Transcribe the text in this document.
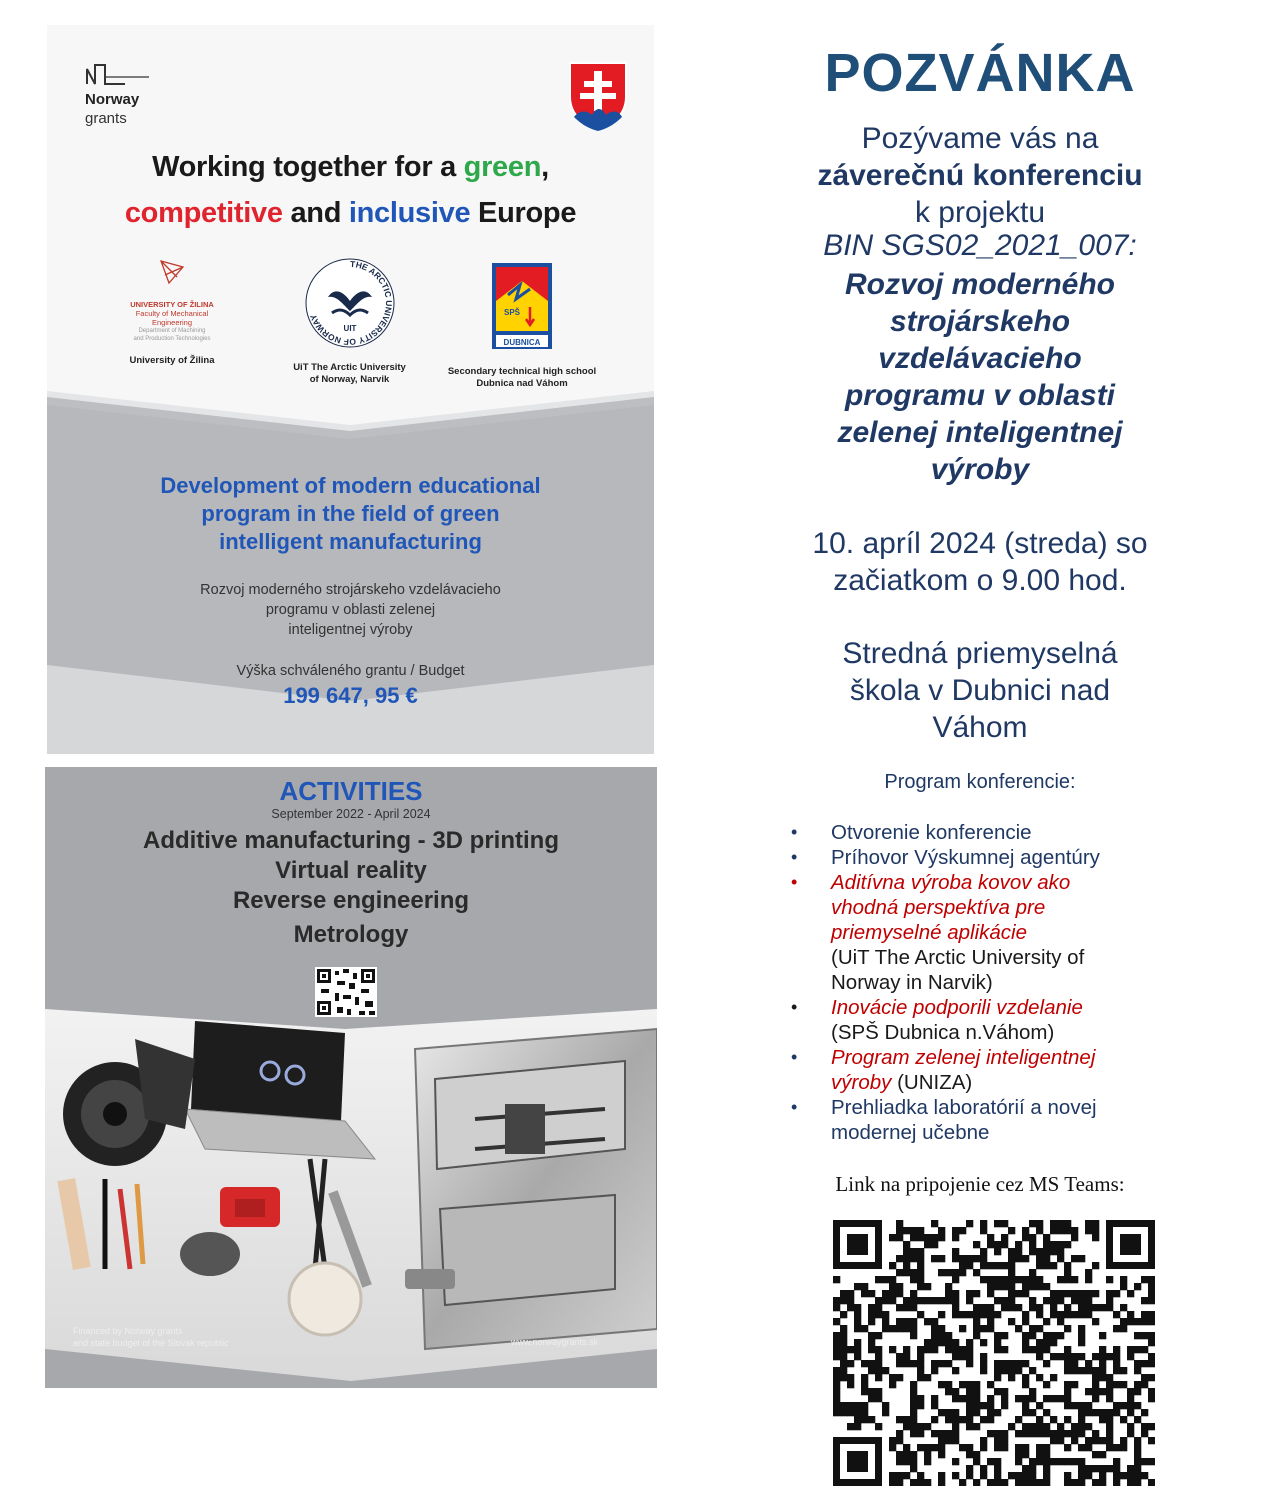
Norway
grants
Working together for a green,
competitive and inclusive Europe
UNIVERSITY OF ŽILINA
Faculty of Mechanical
Engineering
Department of Machining
and Production Technologies
University of Žilina
THE ARCTIC UNIVERSITY OF NORWAY
UIT
UiT The Arctic University
of Norway, Narvik
SPŠ
DUBNICA
Secondary technical high school
Dubnica nad Váhom
Development of modern educational
program in the field of green
intelligent manufacturing
Rozvoj moderného strojárskeho vzdelávacieho
programu v oblasti zelenej
inteligentnej výroby
Výška schváleného grantu / Budget
199 647, 95 €
ACTIVITIES
September 2022 - April 2024
Additive manufacturing - 3D printing
Virtual reality
Reverse engineering
Metrology
Financed by Norway grants
and state budget of the Slovak republic	www.norwaygrants.sk
POZVÁNKA
Pozývame vás na
záverečnú konferenciu
k projektu
BIN SGS02_2021_007:
Rozvoj moderného
strojárskeho
vzdelávacieho
programu v oblasti
zelenej inteligentnej
výroby
10. apríl 2024 (streda) so
začiatkom o 9.00 hod.
Stredná priemyselná
škola v Dubnici nad
Váhom
Program konferencie:
• Otvorenie konferencie
• Príhovor Výskumnej agentúry
• Aditívna výroba kovov ako
vhodná perspektíva pre
priemyselné aplikácie
(UiT The Arctic University of
Norway in Narvik)
• Inovácie podporili vzdelanie
(SPŠ Dubnica n.Váhom)
• Program zelenej inteligentnej
výroby (UNIZA)
• Prehliadka laboratórií a novej
modernej učebne
Link na pripojenie cez MS Teams:
